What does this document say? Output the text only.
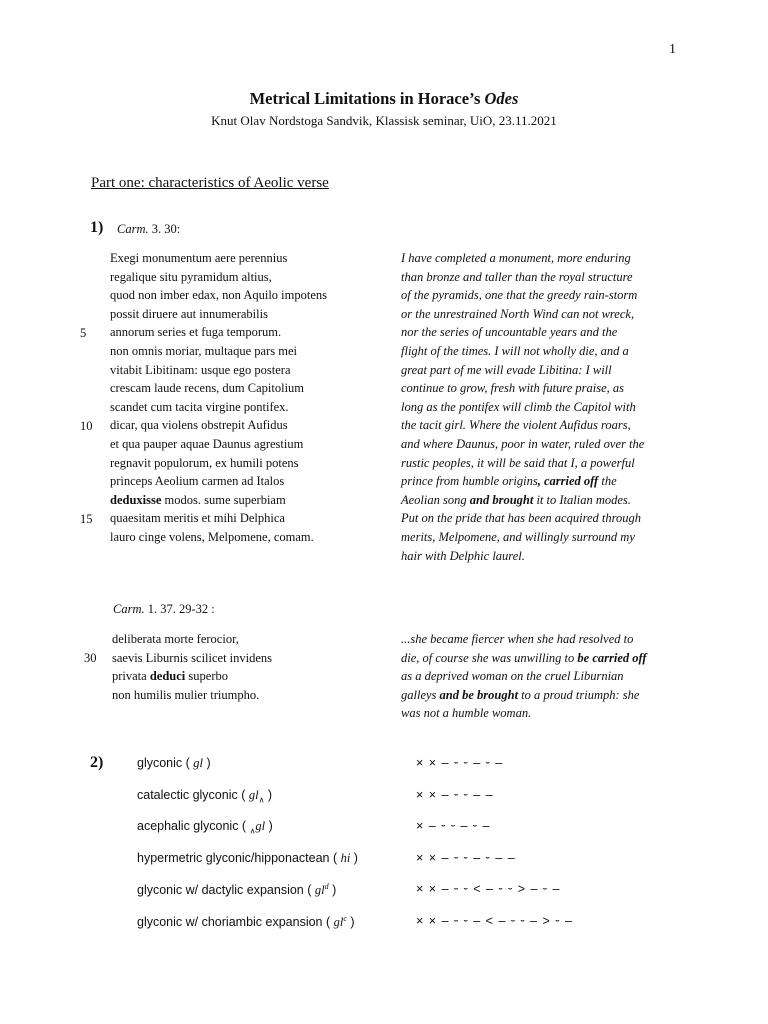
1
Metrical Limitations in Horace’s Odes
Knut Olav Nordstoga Sandvik, Klassisk seminar, UiO, 23.11.2021
Part one: characteristics of Aeolic verse
1) Carm. 3. 30:
5
10
15
Exegi monumentum aere perennius
regalique situ pyramidum altius,
quod non imber edax, non Aquilo impotens
possit diruere aut innumerabilis
annorum series et fuga temporum.
non omnis moriar, multaque pars mei
vitabit Libitinam: usque ego postera
crescam laude recens, dum Capitolium
scandet cum tacita virgine pontifex.
dicar, qua violens obstrepit Aufidus
et qua pauper aquae Daunus agrestium
regnavit populorum, ex humili potens
princeps Aeolium carmen ad Italos
deduxisse modos. sume superbiam
quaesitam meritis et mihi Delphica
lauro cinge volens, Melpomene, comam.
I have completed a monument, more enduring
than bronze and taller than the royal structure
of the pyramids, one that the greedy rain-storm
or the unrestrained North Wind can not wreck,
nor the series of uncountable years and the
flight of the times. I will not wholly die, and a
great part of me will evade Libitina: I will
continue to grow, fresh with future praise, as
long as the pontifex will climb the Capitol with
the tacit girl. Where the violent Aufidus roars,
and where Daunus, poor in water, ruled over the
rustic peoples, it will be said that I, a powerful
prince from humble origins, carried off the
Aeolian song and brought it to Italian modes.
Put on the pride that has been acquired through
merits, Melpomene, and willingly surround my
hair with Delphic laurel.
Carm. 1. 37. 29-32 :
30
deliberata morte ferocior,
saevis Liburnis scilicet invidens
privata deduci superbo
non humilis mulier triumpho.
...she became fiercer when she had resolved to
die, of course she was unwilling to be carried off
as a deprived woman on the cruel Liburnian
galleys and be brought to a proud triumph: she
was not a humble woman.
2)	glyconic ( gl )	× × – ⏑ ⏑ – ⏑ –
catalectic glyconic ( $gl_\wedge$ )	× × – ⏑ ⏑ – –
acephalic glyconic ( $_\wedge$gl )	× – ⏑ ⏑ – ⏑ –
hypermetric glyconic/hipponactean ( hi )	× × – ⏑ ⏑ – ⏑ – –
glyconic w/ dactylic expansion ( $gl^d$ )	× × – ⏑ ⏑ < – ⏑ ⏑ > – ⏑ –
glyconic w/ choriambic expansion ( $gl^c$ )	× × – ⏑ ⏑ – < – ⏑ ⏑ – > ⏑ –
